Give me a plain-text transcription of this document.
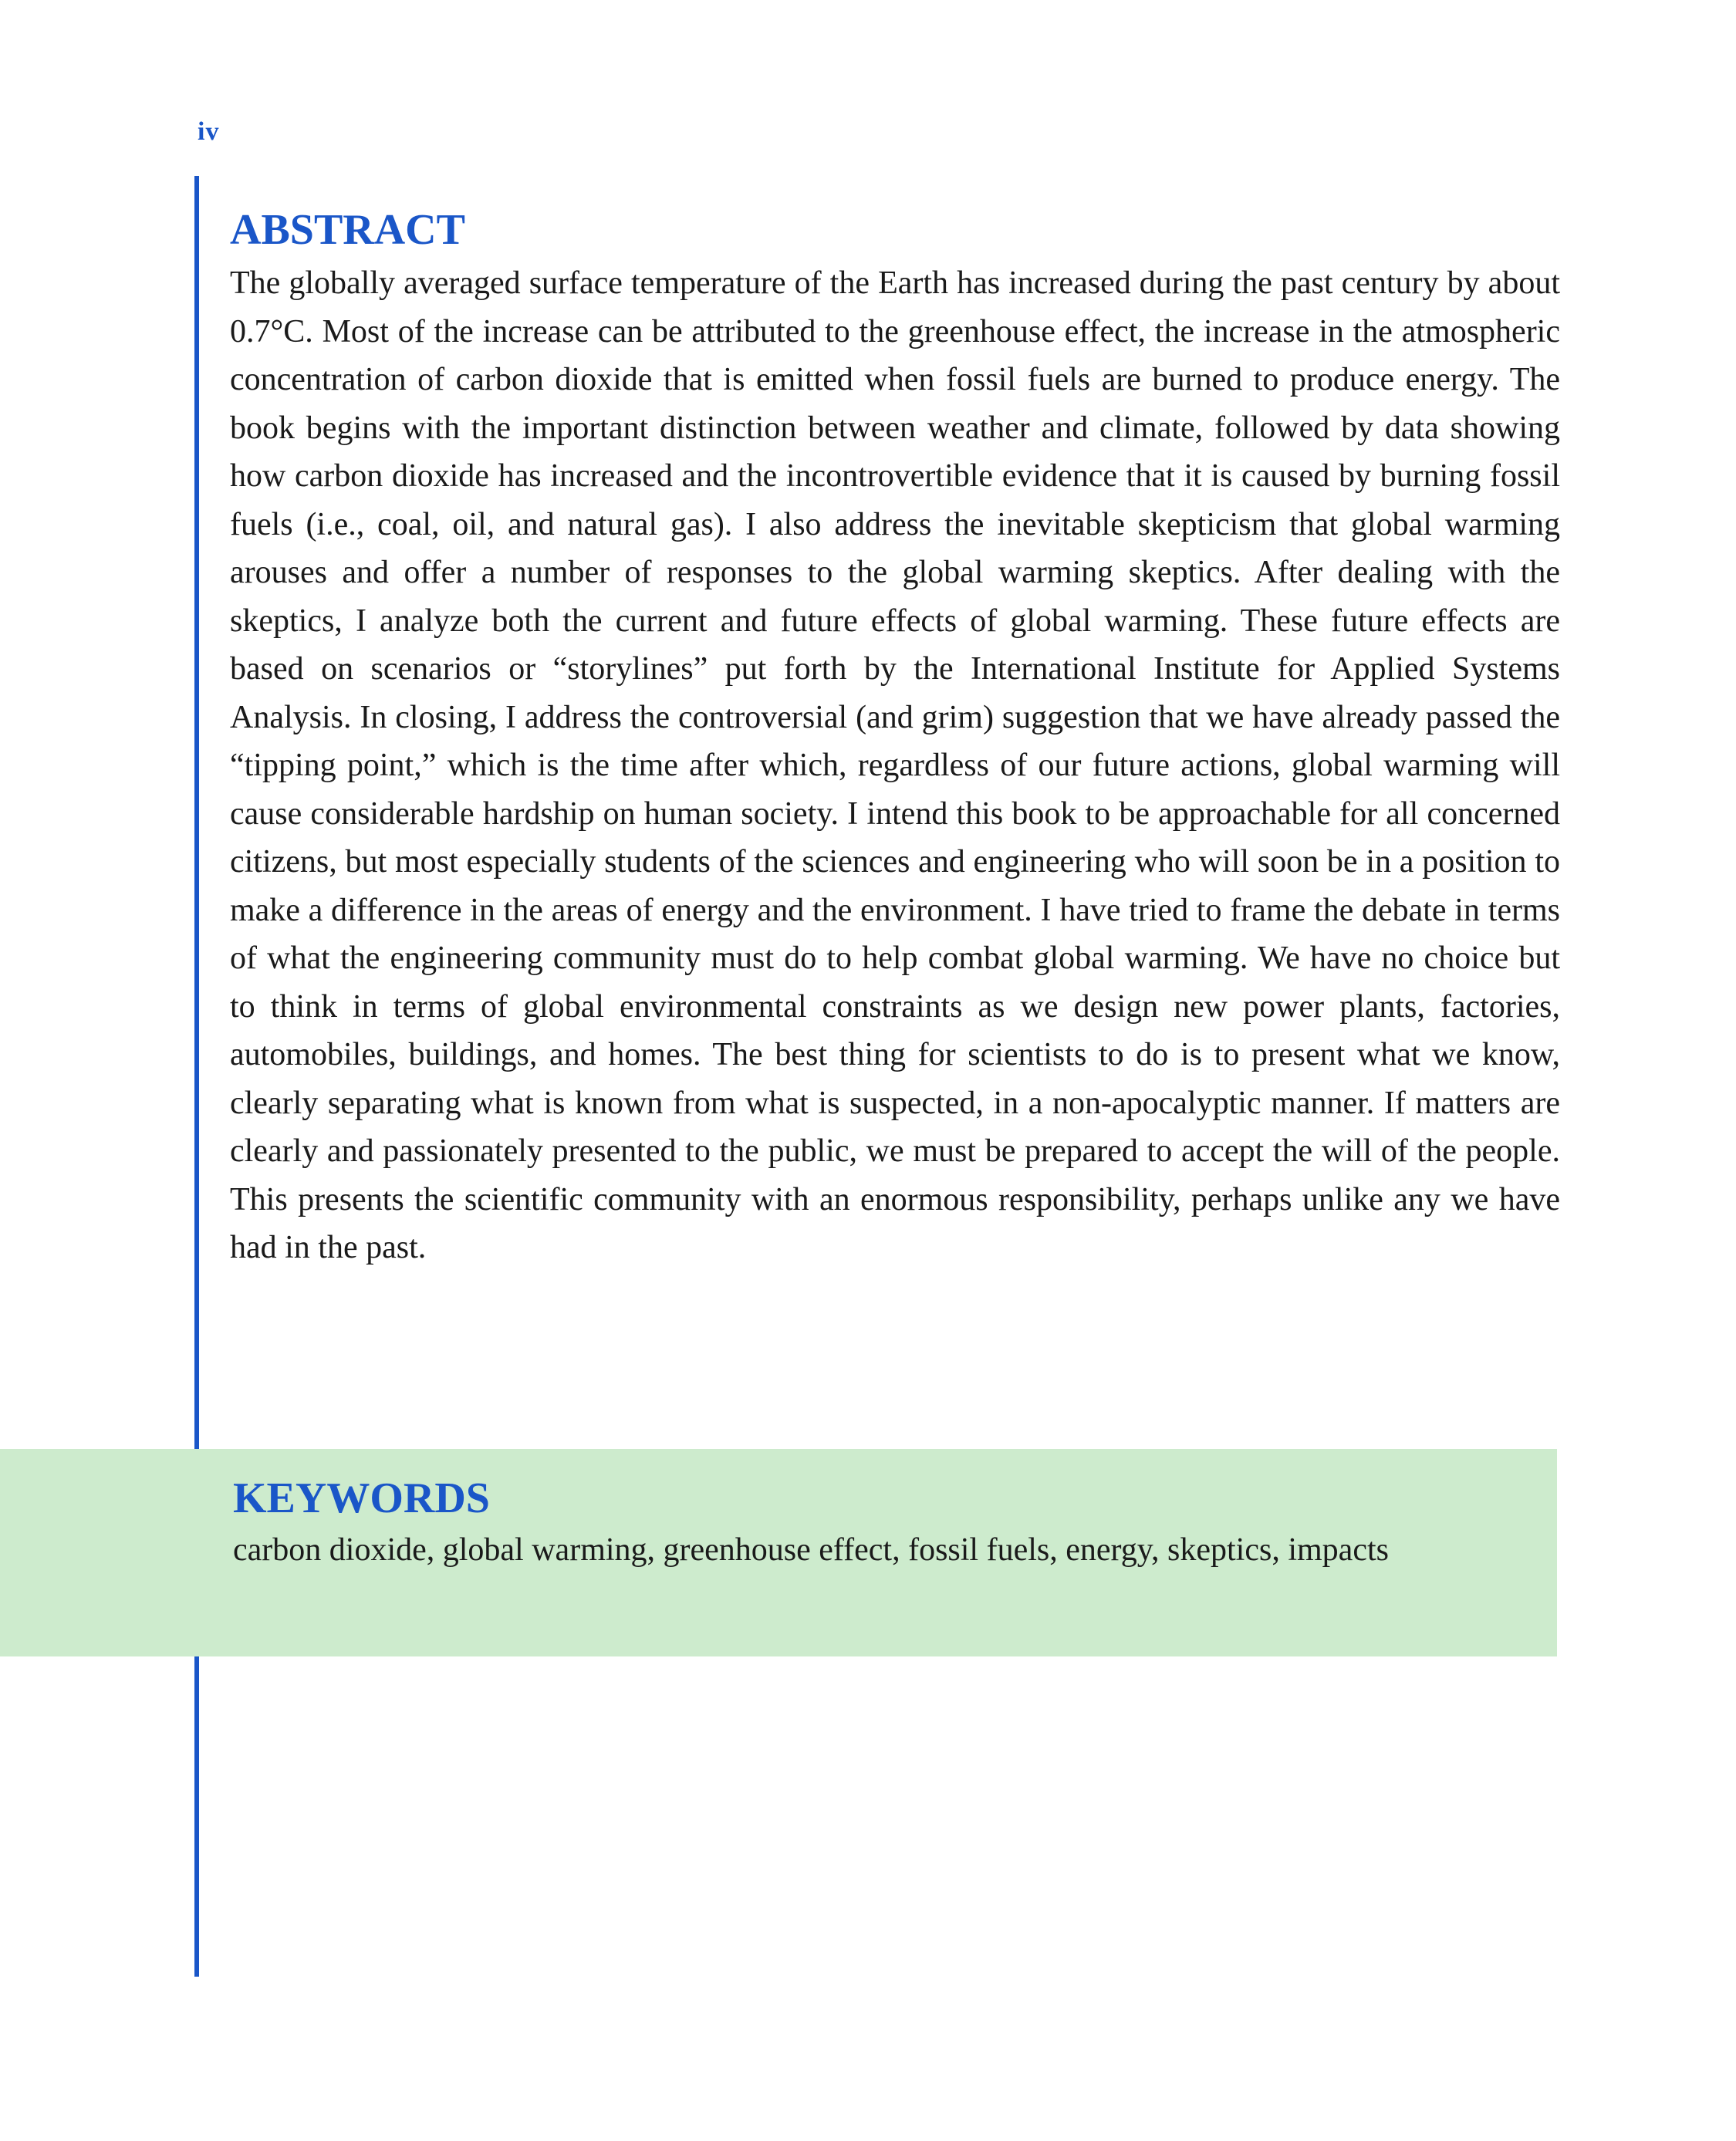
iv
ABSTRACT

The globally averaged surface temperature of the Earth has increased during the past century by about 0.7°C. Most of the increase can be attributed to the greenhouse effect, the increase in the atmospheric concentration of carbon dioxide that is emitted when fossil fuels are burned to produce energy. The book begins with the important distinction between weather and climate, followed by data showing how carbon dioxide has increased and the incontrovertible evidence that it is caused by burning fossil fuels (i.e., coal, oil, and natural gas). I also address the inevitable skepticism that global warming arouses and offer a number of responses to the global warming skeptics. After dealing with the skeptics, I analyze both the current and future effects of global warming. These future effects are based on scenarios or “storylines” put forth by the International Institute for Applied Systems Analysis. In closing, I address the controversial (and grim) suggestion that we have already passed the “tipping point,” which is the time after which, regardless of our future actions, global warming will cause considerable hardship on human society. I intend this book to be approachable for all concerned citizens, but most especially students of the sciences and engineering who will soon be in a position to make a difference in the areas of energy and the environment. I have tried to frame the debate in terms of what the engineering community must do to help combat global warming. We have no choice but to think in terms of global environmental constraints as we design new power plants, factories, automobiles, buildings, and homes. The best thing for scientists to do is to present what we know, clearly separating what is known from what is suspected, in a non-apocalyptic manner. If matters are clearly and passionately presented to the public, we must be prepared to accept the will of the people. This presents the scientific community with an enormous responsibility, perhaps unlike any we have had in the past.

KEYWORDS

carbon dioxide, global warming, greenhouse effect, fossil fuels, energy, skeptics, impacts
